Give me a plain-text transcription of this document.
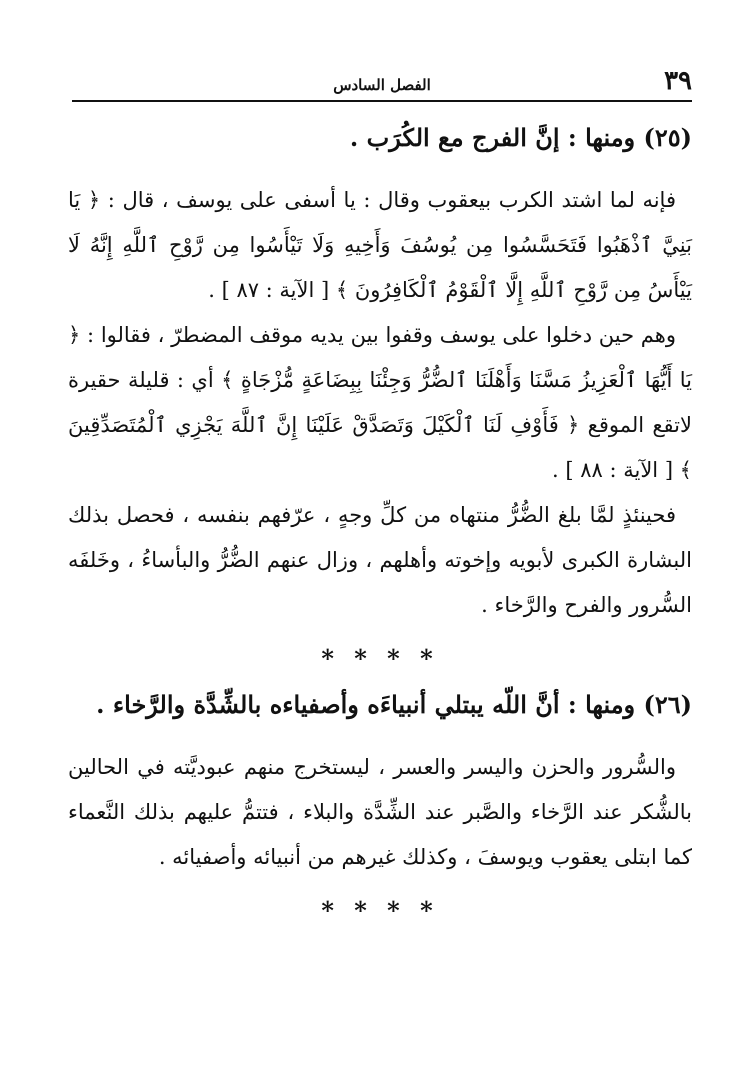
٣٩
الفصل السادس
(٢٥) ومنها : إنَّ الفرج مع الكُرَب .

فإنه لما اشتد الكرب بيعقوب وقال : يا أسفى على يوسف ، قال : ﴿ يَا بَنِيَّ ٱذْهَبُوا فَتَحَسَّسُوا مِن يُوسُفَ وَأَخِيهِ وَلَا تَيْأَسُوا مِن رَّوْحِ ٱللَّهِ إِنَّهُ لَا يَيْأَسُ مِن رَّوْحِ ٱللَّهِ إِلَّا ٱلْقَوْمُ ٱلْكَافِرُونَ ﴾ [ الآية : ٨٧ ] .

وهم حين دخلوا على يوسف وقفوا بين يديه موقف المضطرّ ، فقالوا : ﴿ يَا أَيُّهَا ٱلْعَزِيزُ مَسَّنَا وَأَهْلَنَا ٱلضُّرُّ وَجِئْنَا بِبِضَاعَةٍ مُّزْجَاةٍ ﴾ أي : قليلة حقيرة لاتقع الموقع ﴿ فَأَوْفِ لَنَا ٱلْكَيْلَ وَتَصَدَّقْ عَلَيْنَا إِنَّ ٱللَّهَ يَجْزِي ٱلْمُتَصَدِّقِينَ ﴾ [ الآية : ٨٨ ] .

فحينئذٍ لمَّا بلغ الضُّرُّ منتهاه من كلِّ وجهٍ ، عرّفهم بنفسه ، فحصل بذلك البشارة الكبرى لأبويه وإخوته وأهلهم ، وزال عنهم الضُّرُّ والبأساءُ ، وخَلفَه السُّرور والفرح والرَّخاء .

* * * *
(٢٦) ومنها : أنَّ اللّه يبتلي أنبياءَه وأصفياءه بالشِّدَّة والرَّخاء .

والسُّرور والحزن واليسر والعسر ، ليستخرج منهم عبوديَّته في الحالين بالشُّكر عند الرَّخاء والصَّبر عند الشِّدَّة والبلاء ، فتتمُّ عليهم بذلك النَّعماء كما ابتلى يعقوب ويوسفَ ، وكذلك غيرهم من أنبيائه وأصفيائه .

* * * *
